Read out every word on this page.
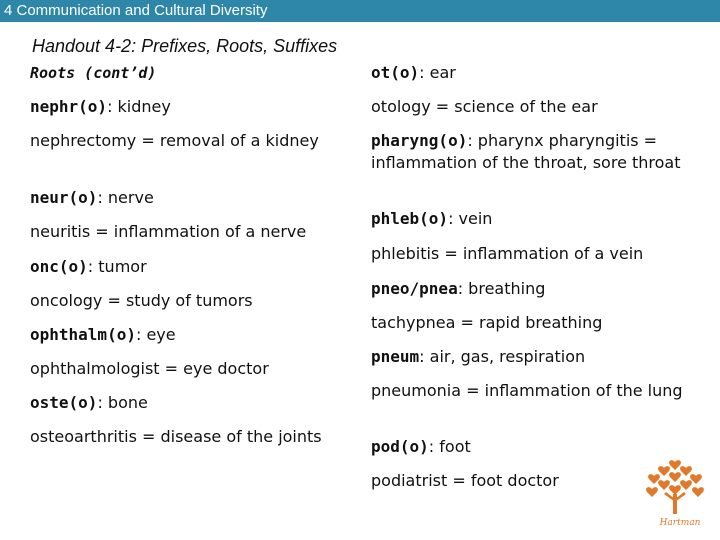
4 Communication and Cultural Diversity
Handout 4-2: Prefixes, Roots, Suffixes
Roots (cont’d)
nephr(o): kidney
nephrectomy = removal of a kidney
neur(o): nerve
neuritis = inflammation of a nerve
onc(o): tumor
oncology = study of tumors
ophthalm(o): eye
ophthalmologist = eye doctor
oste(o): bone
osteoarthritis = disease of the joints
ot(o): ear
otology = science of the ear
pharyng(o): pharynx pharyngitis = inflammation of the throat, sore throat
phleb(o): vein
phlebitis = inflammation of a vein
pneo/pnea: breathing
tachypnea = rapid breathing
pneum: air, gas, respiration
pneumonia = inflammation of the lung
pod(o): foot
podiatrist = foot doctor
Hartman
